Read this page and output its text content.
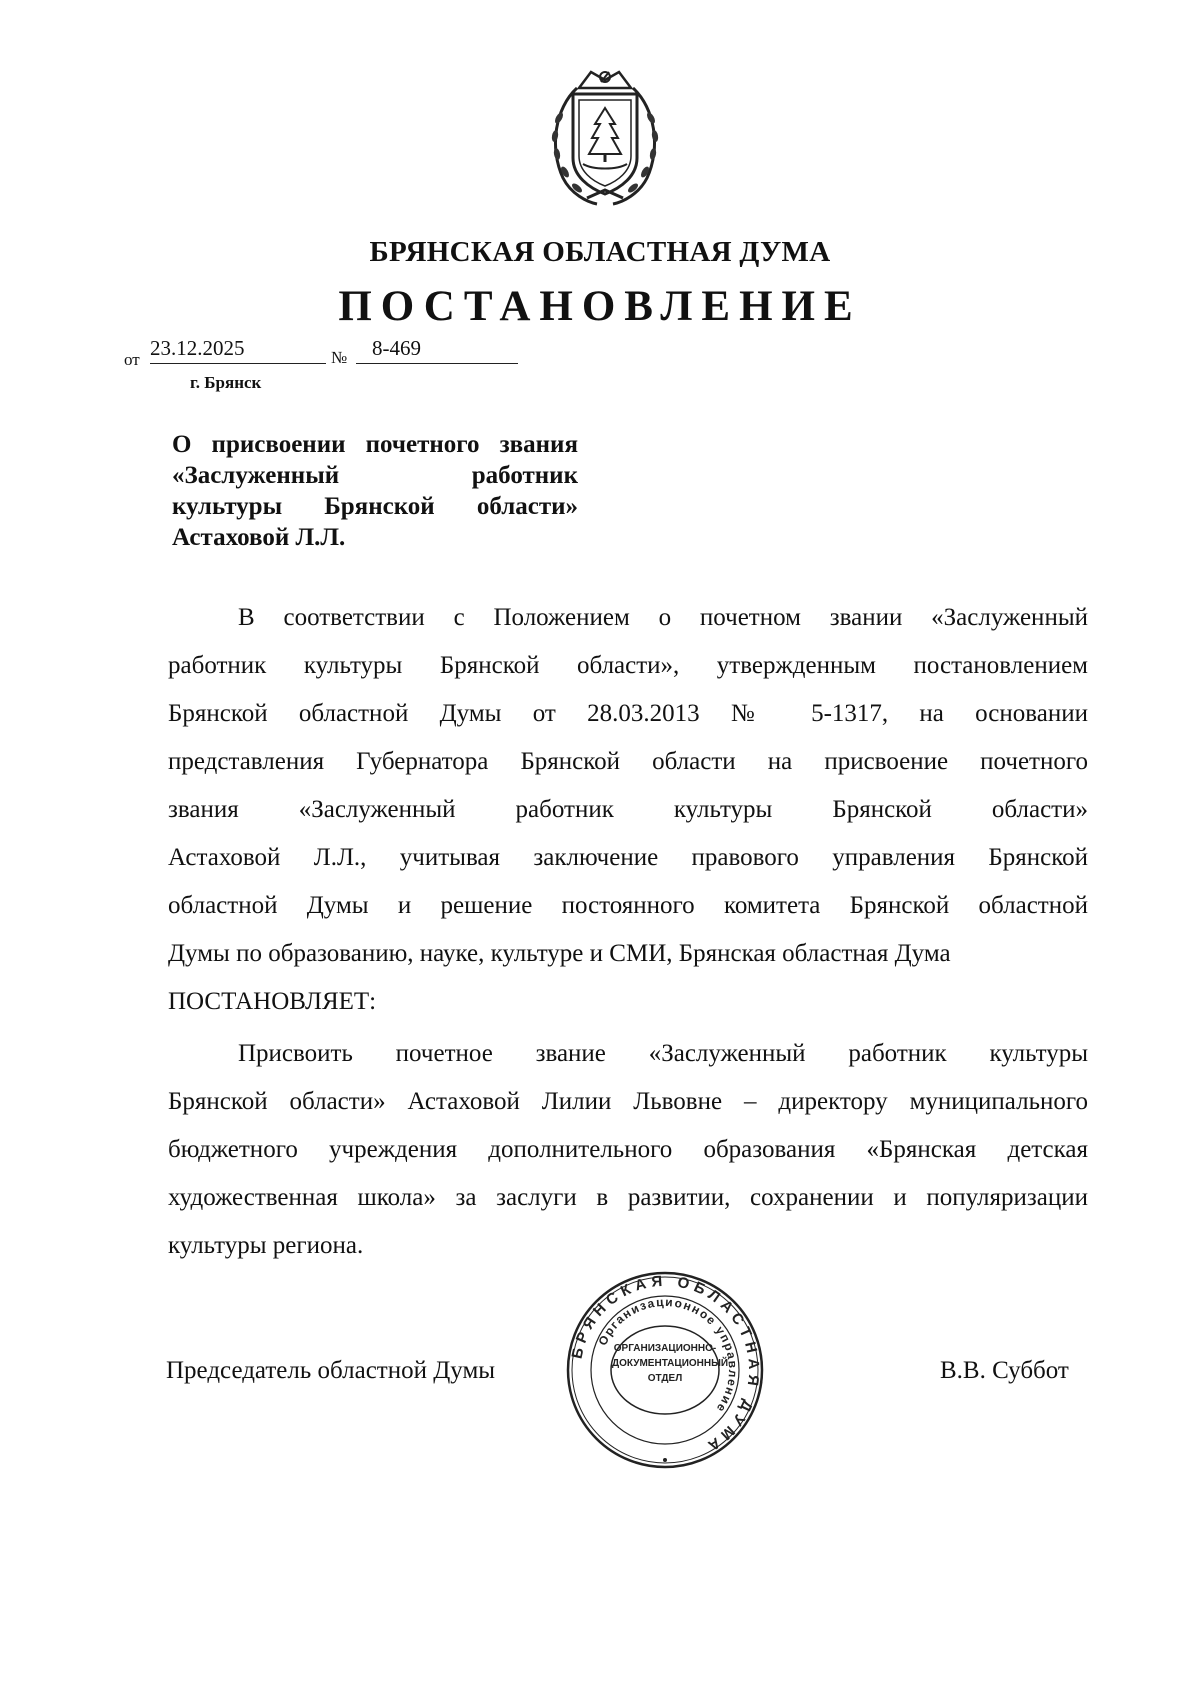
БРЯНСКАЯ ОБЛАСТНАЯ ДУМА
ПОСТАНОВЛЕНИЕ
от 23.12.2025	№	8-469
г. Брянск
О присвоении почетного звания
«Заслуженный работник
культуры Брянской области»
Астаховой Л.Л.
В соответствии с Положением о почетном звании «Заслуженный
работник культуры Брянской области», утвержденным постановлением
Брянской областной Думы от 28.03.2013 № 5-1317, на основании
представления Губернатора Брянской области на присвоение почетного
звания «Заслуженный работник культуры Брянской области»
Астаховой Л.Л., учитывая заключение правового управления Брянской
областной Думы и решение постоянного комитета Брянской областной
Думы по образованию, науке, культуре и СМИ, Брянская областная Дума
ПОСТАНОВЛЯЕТ:
Присвоить почетное звание «Заслуженный работник культуры
Брянской области» Астаховой Лилии Львовне – директору муниципального
бюджетного учреждения дополнительного образования «Брянская детская
художественная школа» за заслуги в развитии, сохранении и популяризации
культуры региона.
Председатель областной Думы
БРЯНСКАЯ ОБЛАСТНАЯ ДУМА
Организационное управление
ОРГАНИЗАЦИОННО-
ДОКУМЕНТАЦИОННЫЙ
ОТДЕЛ	В.В. Суббот
